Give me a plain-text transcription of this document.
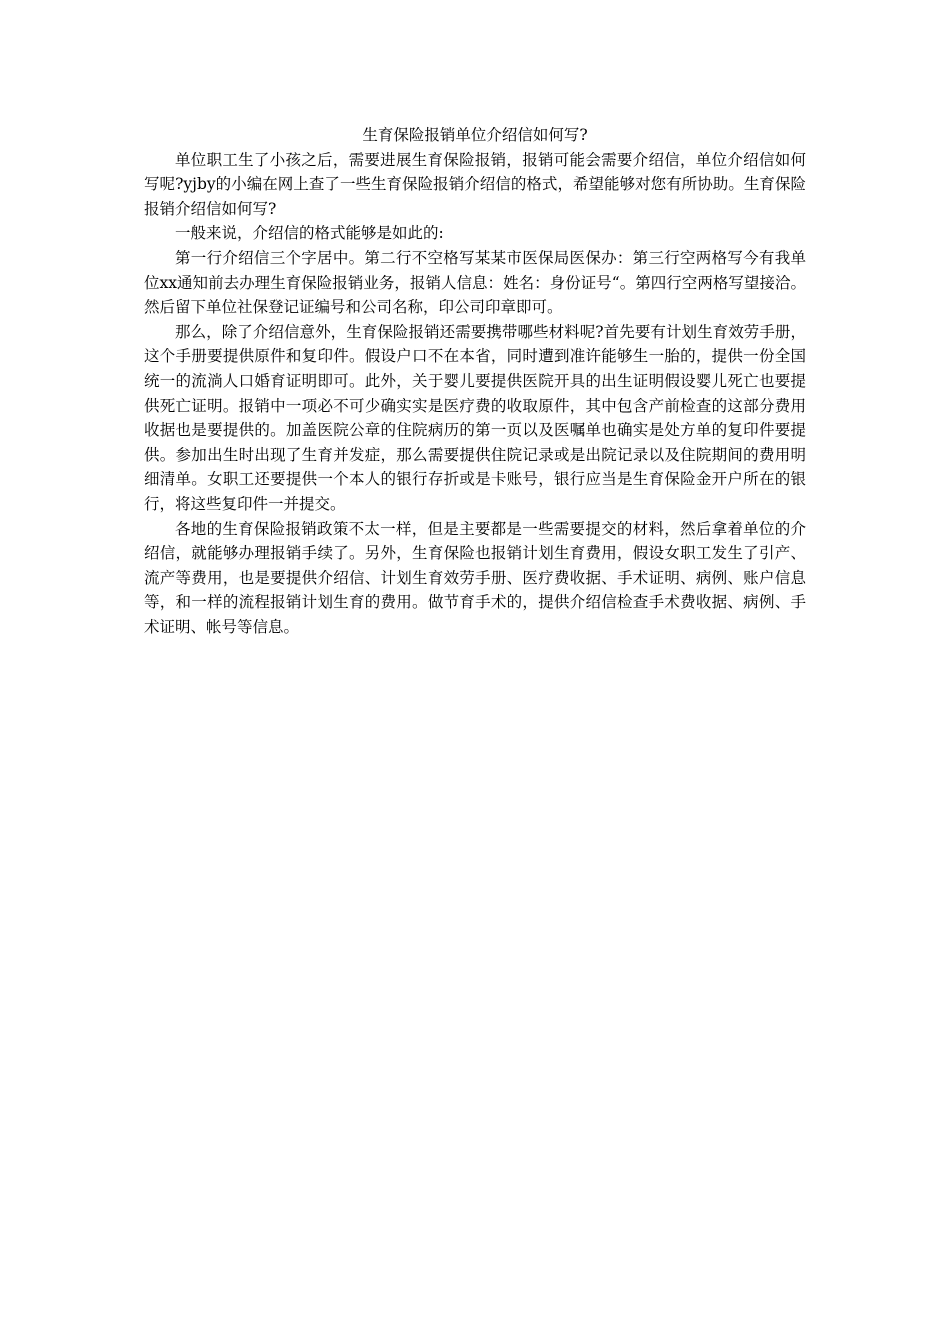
生育保险报销单位介绍信如何写?

单位职工生了小孩之后，需要进展生育保险报销，报销可能会需要介绍信，单位介绍信如何写呢?yjby的小编在网上查了一些生育保险报销介绍信的格式，希望能够对您有所协助。生育保险报销介绍信如何写?

一般来说，介绍信的格式能够是如此的:

第一行介绍信三个字居中。第二行不空格写某某市医保局医保办：第三行空两格写今有我单位xx通知前去办理生育保险报销业务，报销人信息：姓名：身份证号“。第四行空两格写望接洽。然后留下单位社保登记证编号和公司名称，印公司印章即可。

那么，除了介绍信意外，生育保险报销还需要携带哪些材料呢?首先要有计划生育效劳手册，这个手册要提供原件和复印件。假设户口不在本省，同时遭到准许能够生一胎的，提供一份全国统一的流淌人口婚育证明即可。此外，关于婴儿要提供医院开具的出生证明假设婴儿死亡也要提供死亡证明。报销中一项必不可少确实实是医疗费的收取原件，其中包含产前检查的这部分费用收据也是要提供的。加盖医院公章的住院病历的第一页以及医嘱单也确实是处方单的复印件要提供。参加出生时出现了生育并发症，那么需要提供住院记录或是出院记录以及住院期间的费用明细清单。女职工还要提供一个本人的银行存折或是卡账号，银行应当是生育保险金开户所在的银行，将这些复印件一并提交。

各地的生育保险报销政策不太一样，但是主要都是一些需要提交的材料，然后拿着单位的介绍信，就能够办理报销手续了。另外，生育保险也报销计划生育费用，假设女职工发生了引产、流产等费用，也是要提供介绍信、计划生育效劳手册、医疗费收据、手术证明、病例、账户信息等，和一样的流程报销计划生育的费用。做节育手术的，提供介绍信检查手术费收据、病例、手术证明、帐号等信息。
